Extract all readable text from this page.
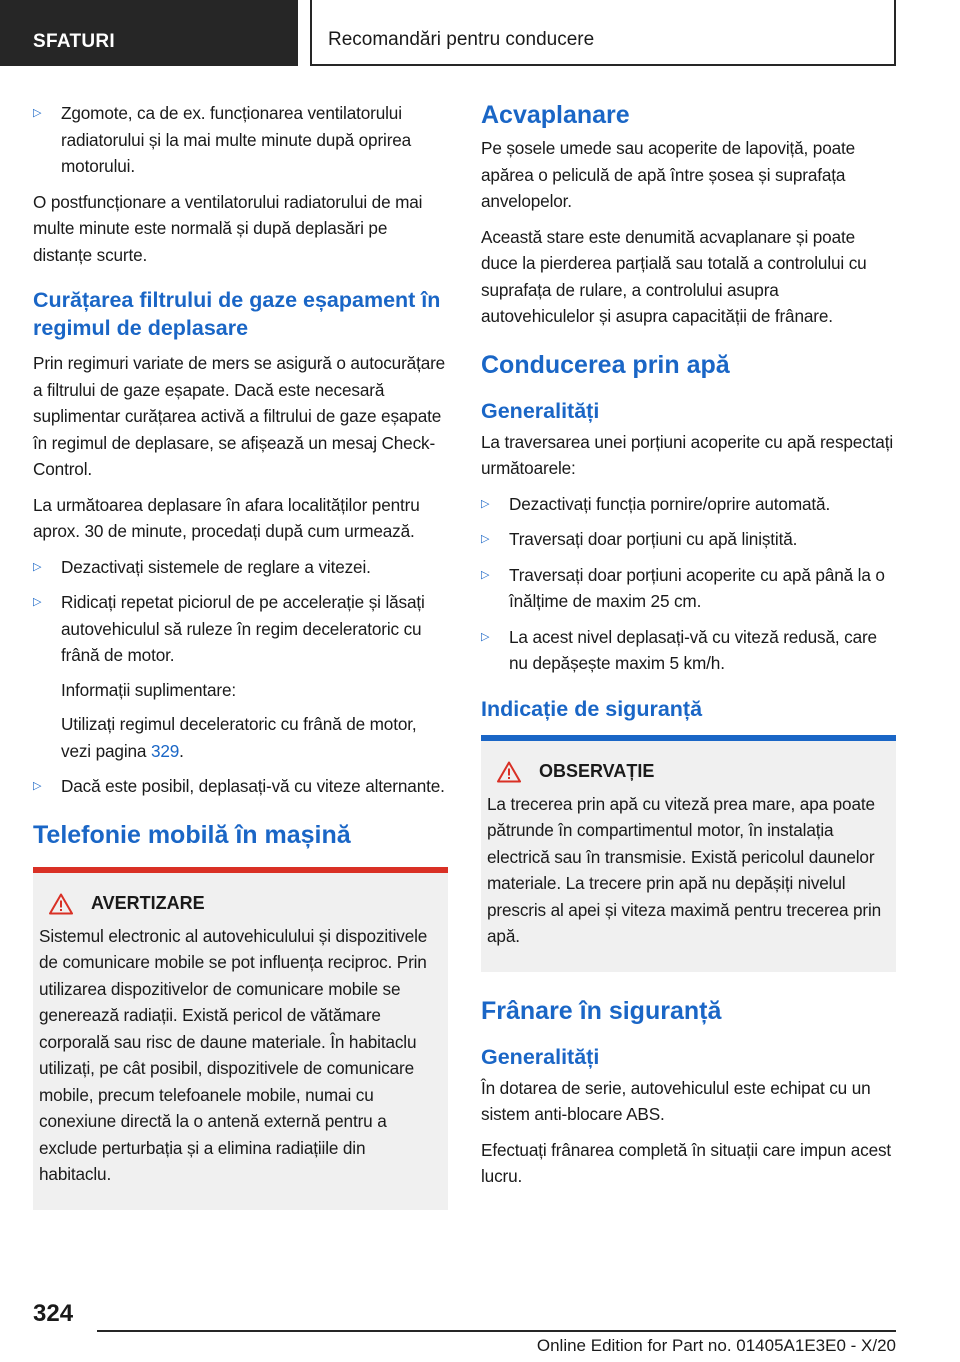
SFATURI	Recomandări pentru conducere
▷ Zgomote, ca de ex. funcționarea ventilatorului radiatorului și la mai multe minute după oprirea motorului.

O postfuncționare a ventilatorului radiatorului de mai multe minute este normală și după deplasări pe distanțe scurte.

Curățarea filtrului de gaze eșapament în regimul de deplasare

Prin regimuri variate de mers se asigură o autocurățare a filtrului de gaze eșapate. Dacă este necesară suplimentar curățarea activă a filtrului de gaze eșapate în regimul de deplasare, se afișează un mesaj Check-Control.

La următoarea deplasare în afara localităților pentru aprox. 30 de minute, procedați după cum urmează.

▷ Dezactivați sistemele de reglare a vitezei.
▷ Ridicați repetat piciorul de pe accelerație și lăsați autovehiculul să ruleze în regim deceleratoric cu frână de motor.

Informații suplimentare:

Utilizați regimul deceleratoric cu frână de motor, vezi pagina 329.

▷ Dacă este posibil, deplasați-vă cu viteze alternante.
Telefonie mobilă în mașină
AVERTIZARE

Sistemul electronic al autovehiculului și dispozitivele de comunicare mobile se pot influența reciproc. Prin utilizarea dispozitivelor de comunicare mobile se generează radiații. Există pericol de vătămare corporală sau risc de daune materiale. În habitaclu utilizați, pe cât posibil, dispozitivele de comunicare mobile, precum telefoanele mobile, numai cu conexiune directă la o antenă externă pentru a exclude perturbația și a elimina radiațiile din habitaclu.

Acvaplanare

Pe șosele umede sau acoperite de lapoviță, poate apărea o peliculă de apă între șosea și suprafața anvelopelor.

Această stare este denumită acvaplanare și poate duce la pierderea parțială sau totală a controlului cu suprafața de rulare, a controlului asupra autovehiculelor și asupra capacității de frânare.

Conducerea prin apă
Generalități

La traversarea unei porțiuni acoperite cu apă respectați următoarele:

▷ Dezactivați funcția pornire/oprire automată.
▷ Traversați doar porțiuni cu apă liniștită.
▷ Traversați doar porțiuni acoperite cu apă până la o înălțime de maxim 25 cm.
▷ La acest nivel deplasați-vă cu viteză redusă, care nu depășește maxim 5 km/h.
Indicație de siguranță
OBSERVAȚIE

La trecerea prin apă cu viteză prea mare, apa poate pătrunde în compartimentul motor, în instalația electrică sau în transmisie. Există pericolul daunelor materiale. La trecere prin apă nu depășiți nivelul prescris al apei și viteza maximă pentru trecerea prin apă.

Frânare în siguranță
Generalități

În dotarea de serie, autovehiculul este echipat cu un sistem anti-blocare ABS.

Efectuați frânarea completă în situații care impun acest lucru.

324
Online Edition for Part no. 01405A1E3E0 - X/20
